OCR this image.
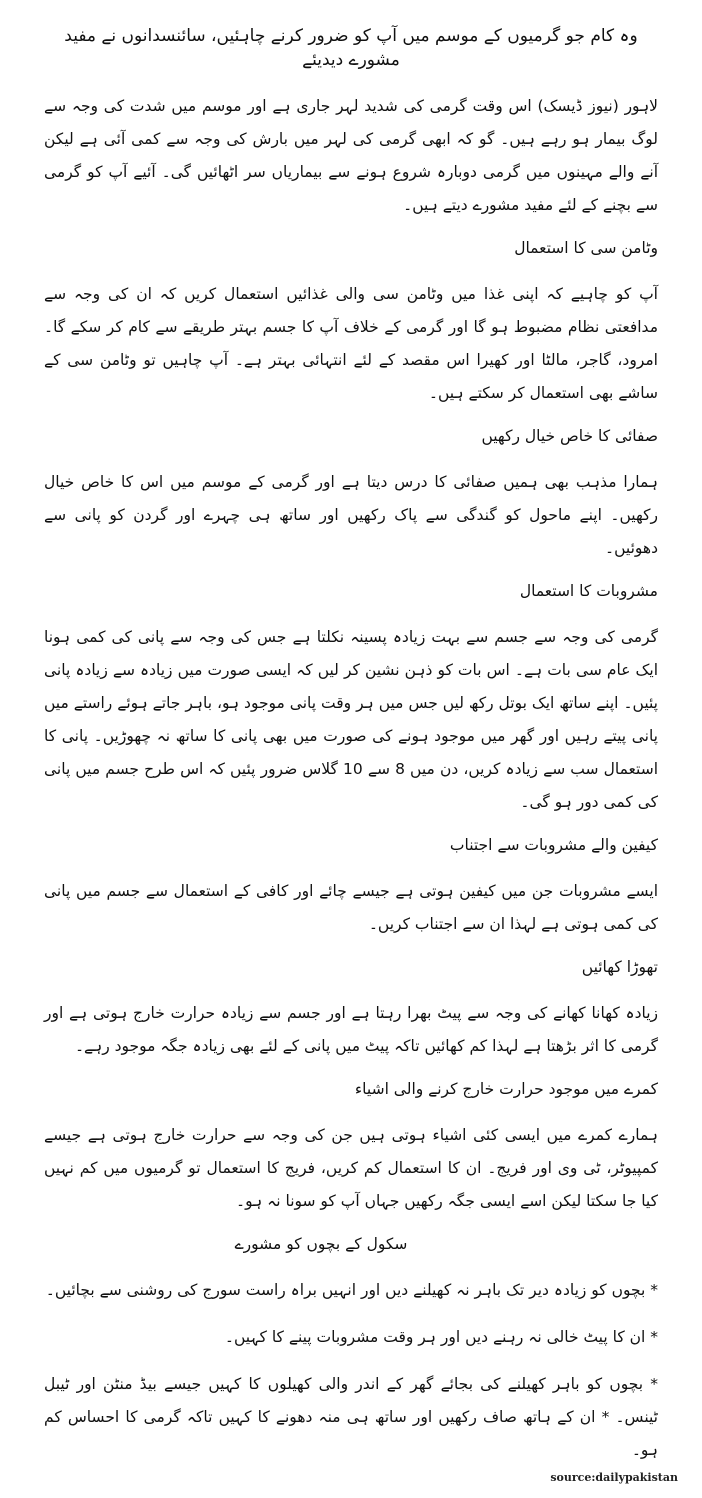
وہ کام جو گرمیوں کے موسم میں آپ کو ضرور کرنے چاہئیں، سائنسدانوں نے مفید مشورے دیدیئے
لاہور (نیوز ڈیسک) اس وقت گرمی کی شدید لہر جاری ہے اور موسم میں شدت کی وجہ سے لوگ بیمار ہو رہے ہیں۔ گو کہ ابھی گرمی کی لہر میں بارش کی وجہ سے کمی آئی ہے لیکن آنے والے مہینوں میں گرمی دوبارہ شروع ہونے سے بیماریاں سر اٹھائیں گی۔ آئیے آپ کو گرمی سے بچنے کے لئے مفید مشورے دیتے ہیں۔
وٹامن سی کا استعمال
آپ کو چاہیے کہ اپنی غذا میں وٹامن سی والی غذائیں استعمال کریں کہ ان کی وجہ سے مدافعتی نظام مضبوط ہو گا اور گرمی کے خلاف آپ کا جسم بہتر طریقے سے کام کر سکے گا۔ امرود، گاجر، مالٹا اور کھیرا اس مقصد کے لئے انتہائی بہتر ہے۔ آپ چاہیں تو وٹامن سی کے ساشے بھی استعمال کر سکتے ہیں۔
صفائی کا خاص خیال رکھیں
ہمارا مذہب بھی ہمیں صفائی کا درس دیتا ہے اور گرمی کے موسم میں اس کا خاص خیال رکھیں۔ اپنے ماحول کو گندگی سے پاک رکھیں اور ساتھ ہی چہرے اور گردن کو پانی سے دھوئیں۔
مشروبات کا استعمال
گرمی کی وجہ سے جسم سے بہت زیادہ پسینہ نکلتا ہے جس کی وجہ سے پانی کی کمی ہونا ایک عام سی بات ہے۔ اس بات کو ذہن نشین کر لیں کہ ایسی صورت میں زیادہ سے زیادہ پانی پئیں۔ اپنے ساتھ ایک بوتل رکھ لیں جس میں ہر وقت پانی موجود ہو، باہر جاتے ہوئے راستے میں پانی پیتے رہیں اور گھر میں موجود ہونے کی صورت میں بھی پانی کا ساتھ نہ چھوڑیں۔ پانی کا استعمال سب سے زیادہ کریں، دن میں 8 سے 10 گلاس ضرور پئیں کہ اس طرح جسم میں پانی کی کمی دور ہو گی۔
کیفین والے مشروبات سے اجتناب
ایسے مشروبات جن میں کیفین ہوتی ہے جیسے چائے اور کافی کے استعمال سے جسم میں پانی کی کمی ہوتی ہے لہذا ان سے اجتناب کریں۔
تھوڑا کھائیں
زیادہ کھانا کھانے کی وجہ سے پیٹ بھرا رہتا ہے اور جسم سے زیادہ حرارت خارج ہوتی ہے اور گرمی کا اثر بڑھتا ہے لہذا کم کھائیں تاکہ پیٹ میں پانی کے لئے بھی زیادہ جگہ موجود رہے۔
کمرے میں موجود حرارت خارج کرنے والی اشیاء
ہمارے کمرے میں ایسی کئی اشیاء ہوتی ہیں جن کی وجہ سے حرارت خارج ہوتی ہے جیسے کمپیوٹر، ٹی وی اور فریج۔ ان کا استعمال کم کریں، فریج کا استعمال تو گرمیوں میں کم نہیں کیا جا سکتا لیکن اسے ایسی جگہ رکھیں جہاں آپ کو سونا نہ ہو۔
سکول کے بچوں کو مشورے
* بچوں کو زیادہ دیر تک باہر نہ کھیلنے دیں اور انہیں براہ راست سورج کی روشنی سے بچائیں۔
* ان کا پیٹ خالی نہ رہنے دیں اور ہر وقت مشروبات پینے کا کہیں۔
* بچوں کو باہر کھیلنے کی بجائے گھر کے اندر والی کھیلوں کا کہیں جیسے بیڈ منٹن اور ٹیبل ٹینس۔ * ان کے ہاتھ صاف رکھیں اور ساتھ ہی منہ دھونے کا کہیں تاکہ گرمی کا احساس کم ہو۔
source:dailypakistan
